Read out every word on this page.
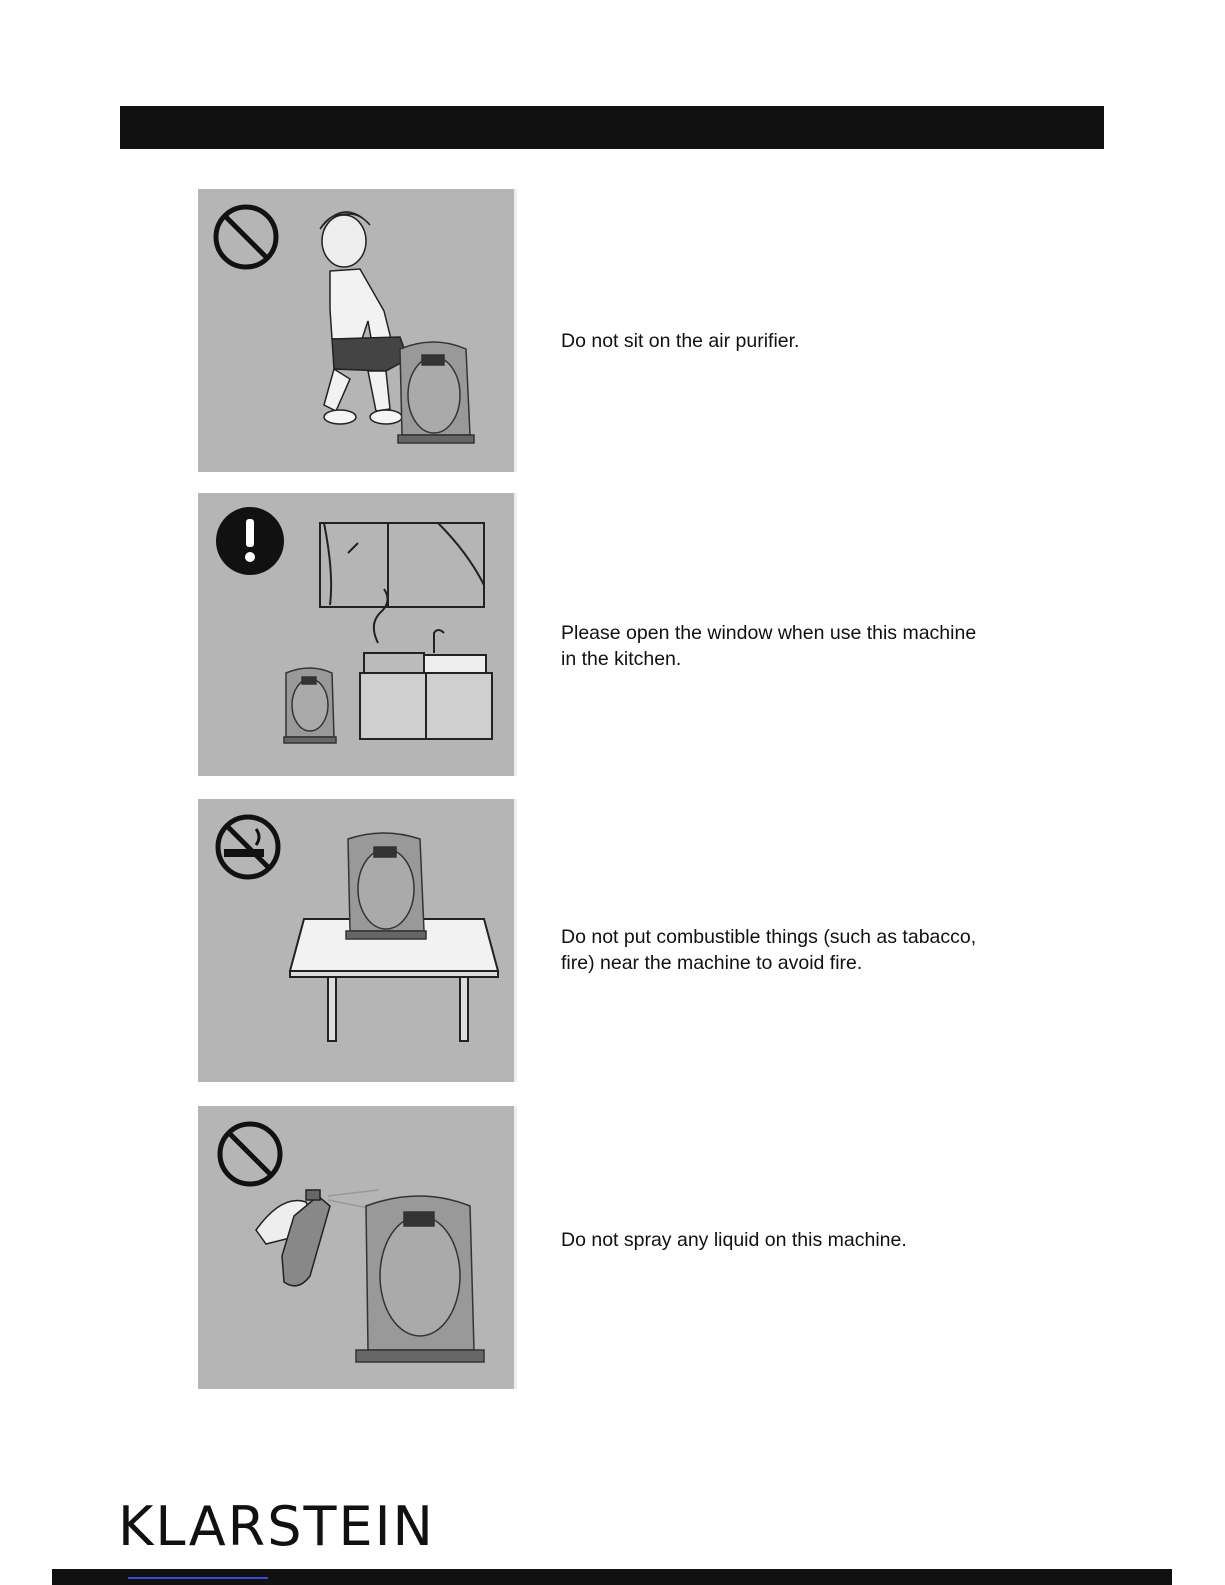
Do not sit on the air purifier.
Please open the window when use this machine
in the kitchen.
Do not put combustible things (such as tabacco,
fire) near the machine to avoid fire.
Do not spray any liquid on this machine.
KLARSTEIN
